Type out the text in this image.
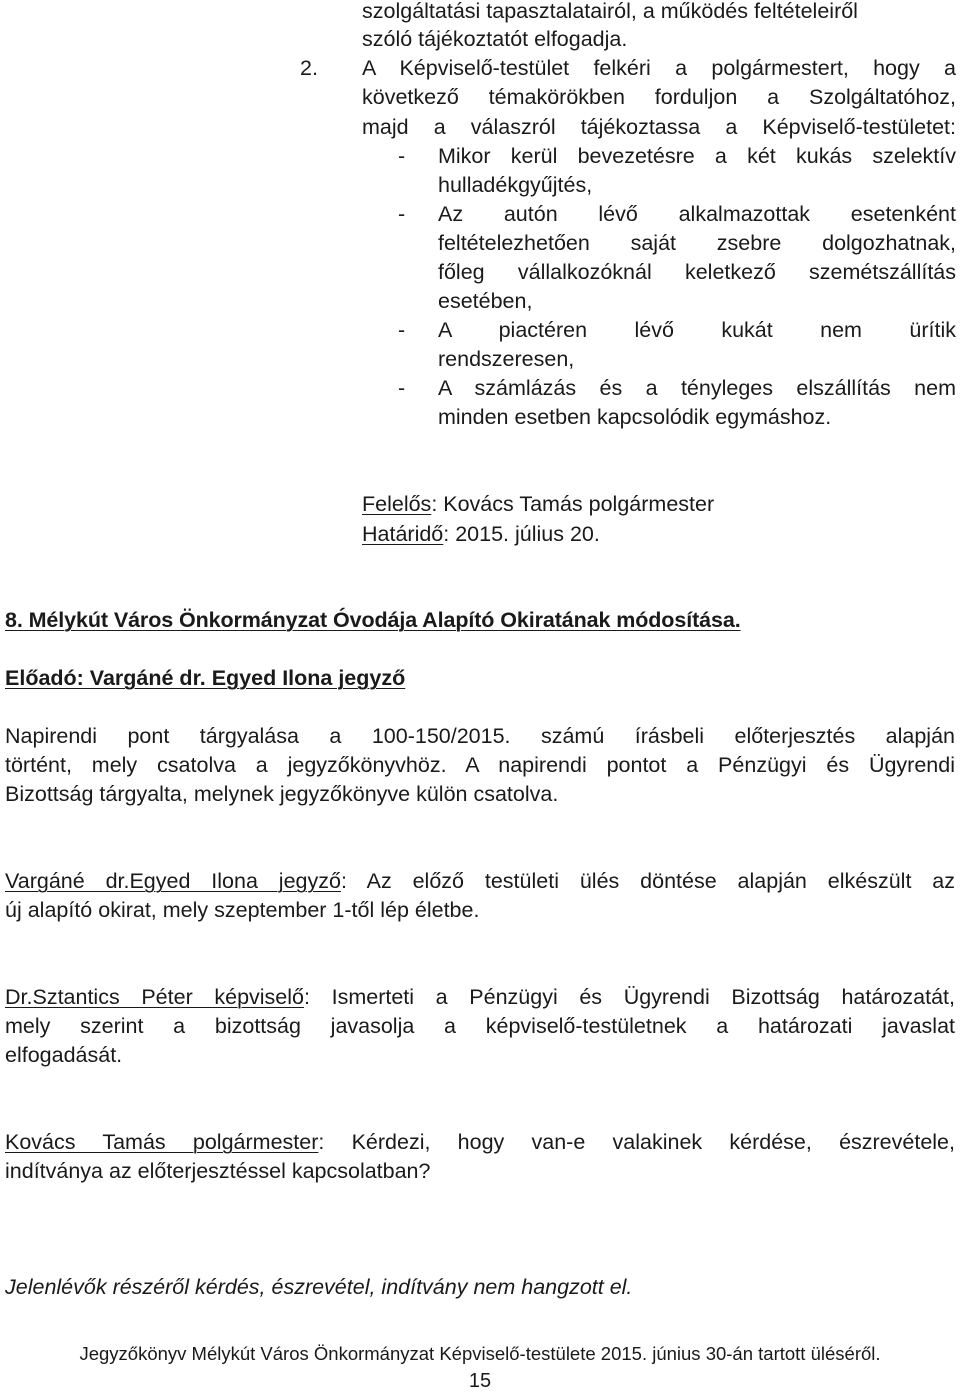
szolgáltatási tapasztalatairól, a működés feltételeiről
szóló tájékoztatót elfogadja.
2. A Képviselő-testület felkéri a polgármestert, hogy a
következő témakörökben forduljon a Szolgáltatóhoz,
majd a válaszról tájékoztassa a Képviselő-testületet:
- Mikor kerül bevezetésre a két kukás szelektív
hulladékgyűjtés,
- Az autón lévő alkalmazottak esetenként
feltételezhetően saját zsebre dolgozhatnak,
főleg vállalkozóknál keletkező szemétszállítás
esetében,
- A piactéren lévő kukát nem ürítik
rendszeresen,
- A számlázás és a tényleges elszállítás nem
minden esetben kapcsolódik egymáshoz.
Felelős: Kovács Tamás polgármester
Határidő: 2015. július 20.
8. Mélykút Város Önkormányzat Óvodája Alapító Okiratának módosítása.
Előadó: Vargáné dr. Egyed Ilona jegyző
Napirendi pont tárgyalása a 100-150/2015. számú írásbeli előterjesztés alapján
történt, mely csatolva a jegyzőkönyvhöz. A napirendi pontot a Pénzügyi és Ügyrendi
Bizottság tárgyalta, melynek jegyzőkönyve külön csatolva.
Vargáné dr.Egyed Ilona jegyző: Az előző testületi ülés döntése alapján elkészült az
új alapító okirat, mely szeptember 1-től lép életbe.
Dr.Sztantics Péter képviselő: Ismerteti a Pénzügyi és Ügyrendi Bizottság határozatát,
mely szerint a bizottság javasolja a képviselő-testületnek a határozati javaslat
elfogadását.
Kovács Tamás polgármester: Kérdezi, hogy van-e valakinek kérdése, észrevétele,
indítványa az előterjesztéssel kapcsolatban?
Jelenlévők részéről kérdés, észrevétel, indítvány nem hangzott el.
Jegyzőkönyv Mélykút Város Önkormányzat Képviselő-testülete 2015. június 30-án tartott üléséről.
15
